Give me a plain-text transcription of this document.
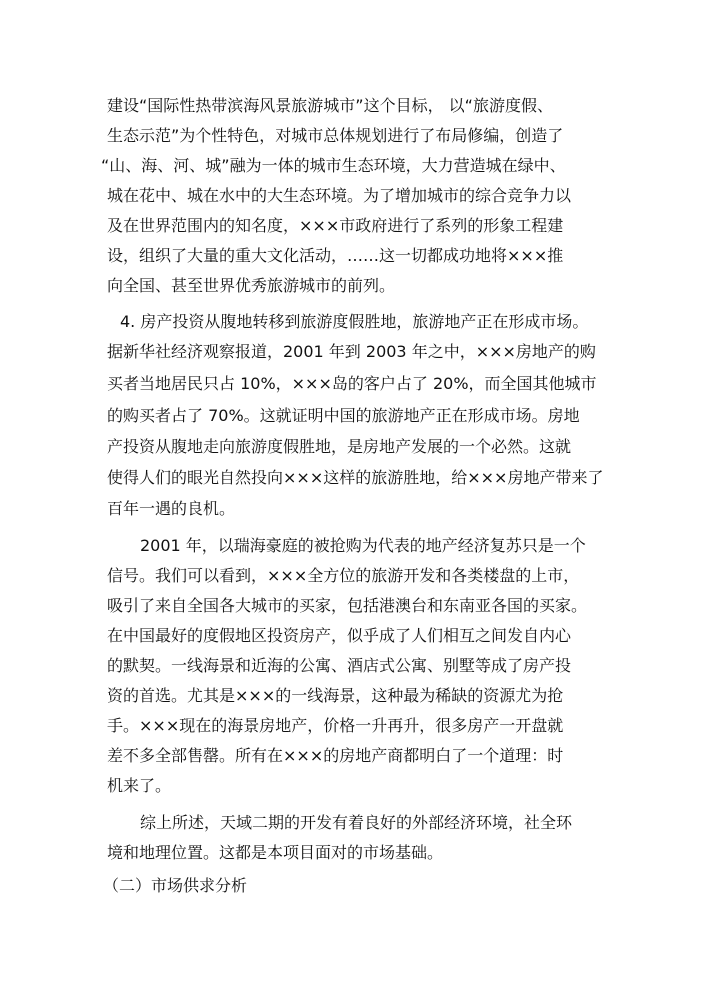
建设“国际性热带滨海风景旅游城市”这个目标， 以“旅游度假、
生态示范”为个性特色，对城市总体规划进行了布局修编，创造了
“山、海、河、城”融为一体的城市生态环境，大力营造城在绿中、
城在花中、城在水中的大生态环境。为了增加城市的综合竞争力以
及在世界范围内的知名度，×××市政府进行了系列的形象工程建
设，组织了大量的重大文化活动，……这一切都成功地将×××推
向全国、甚至世界优秀旅游城市的前列。
4. 房产投资从腹地转移到旅游度假胜地，旅游地产正在形成市场。
据新华社经济观察报道，2001 年到 2003 年之中，×××房地产的购
买者当地居民只占 10%，×××岛的客户占了 20%，而全国其他城市
的购买者占了 70%。这就证明中国的旅游地产正在形成市场。房地
产投资从腹地走向旅游度假胜地，是房地产发展的一个必然。这就
使得人们的眼光自然投向×××这样的旅游胜地，给×××房地产带来了
百年一遇的良机。
2001 年，以瑞海豪庭的被抢购为代表的地产经济复苏只是一个
信号。我们可以看到，×××全方位的旅游开发和各类楼盘的上市，
吸引了来自全国各大城市的买家，包括港澳台和东南亚各国的买家。
在中国最好的度假地区投资房产，似乎成了人们相互之间发自内心
的默契。一线海景和近海的公寓、酒店式公寓、别墅等成了房产投
资的首选。尤其是×××的一线海景，这种最为稀缺的资源尤为抢
手。×××现在的海景房地产，价格一升再升，很多房产一开盘就
差不多全部售罄。所有在×××的房地产商都明白了一个道理：时
机来了。
综上所述，天域二期的开发有着良好的外部经济环境，社全环
境和地理位置。这都是本项目面对的市场基础。
（二）市场供求分析
